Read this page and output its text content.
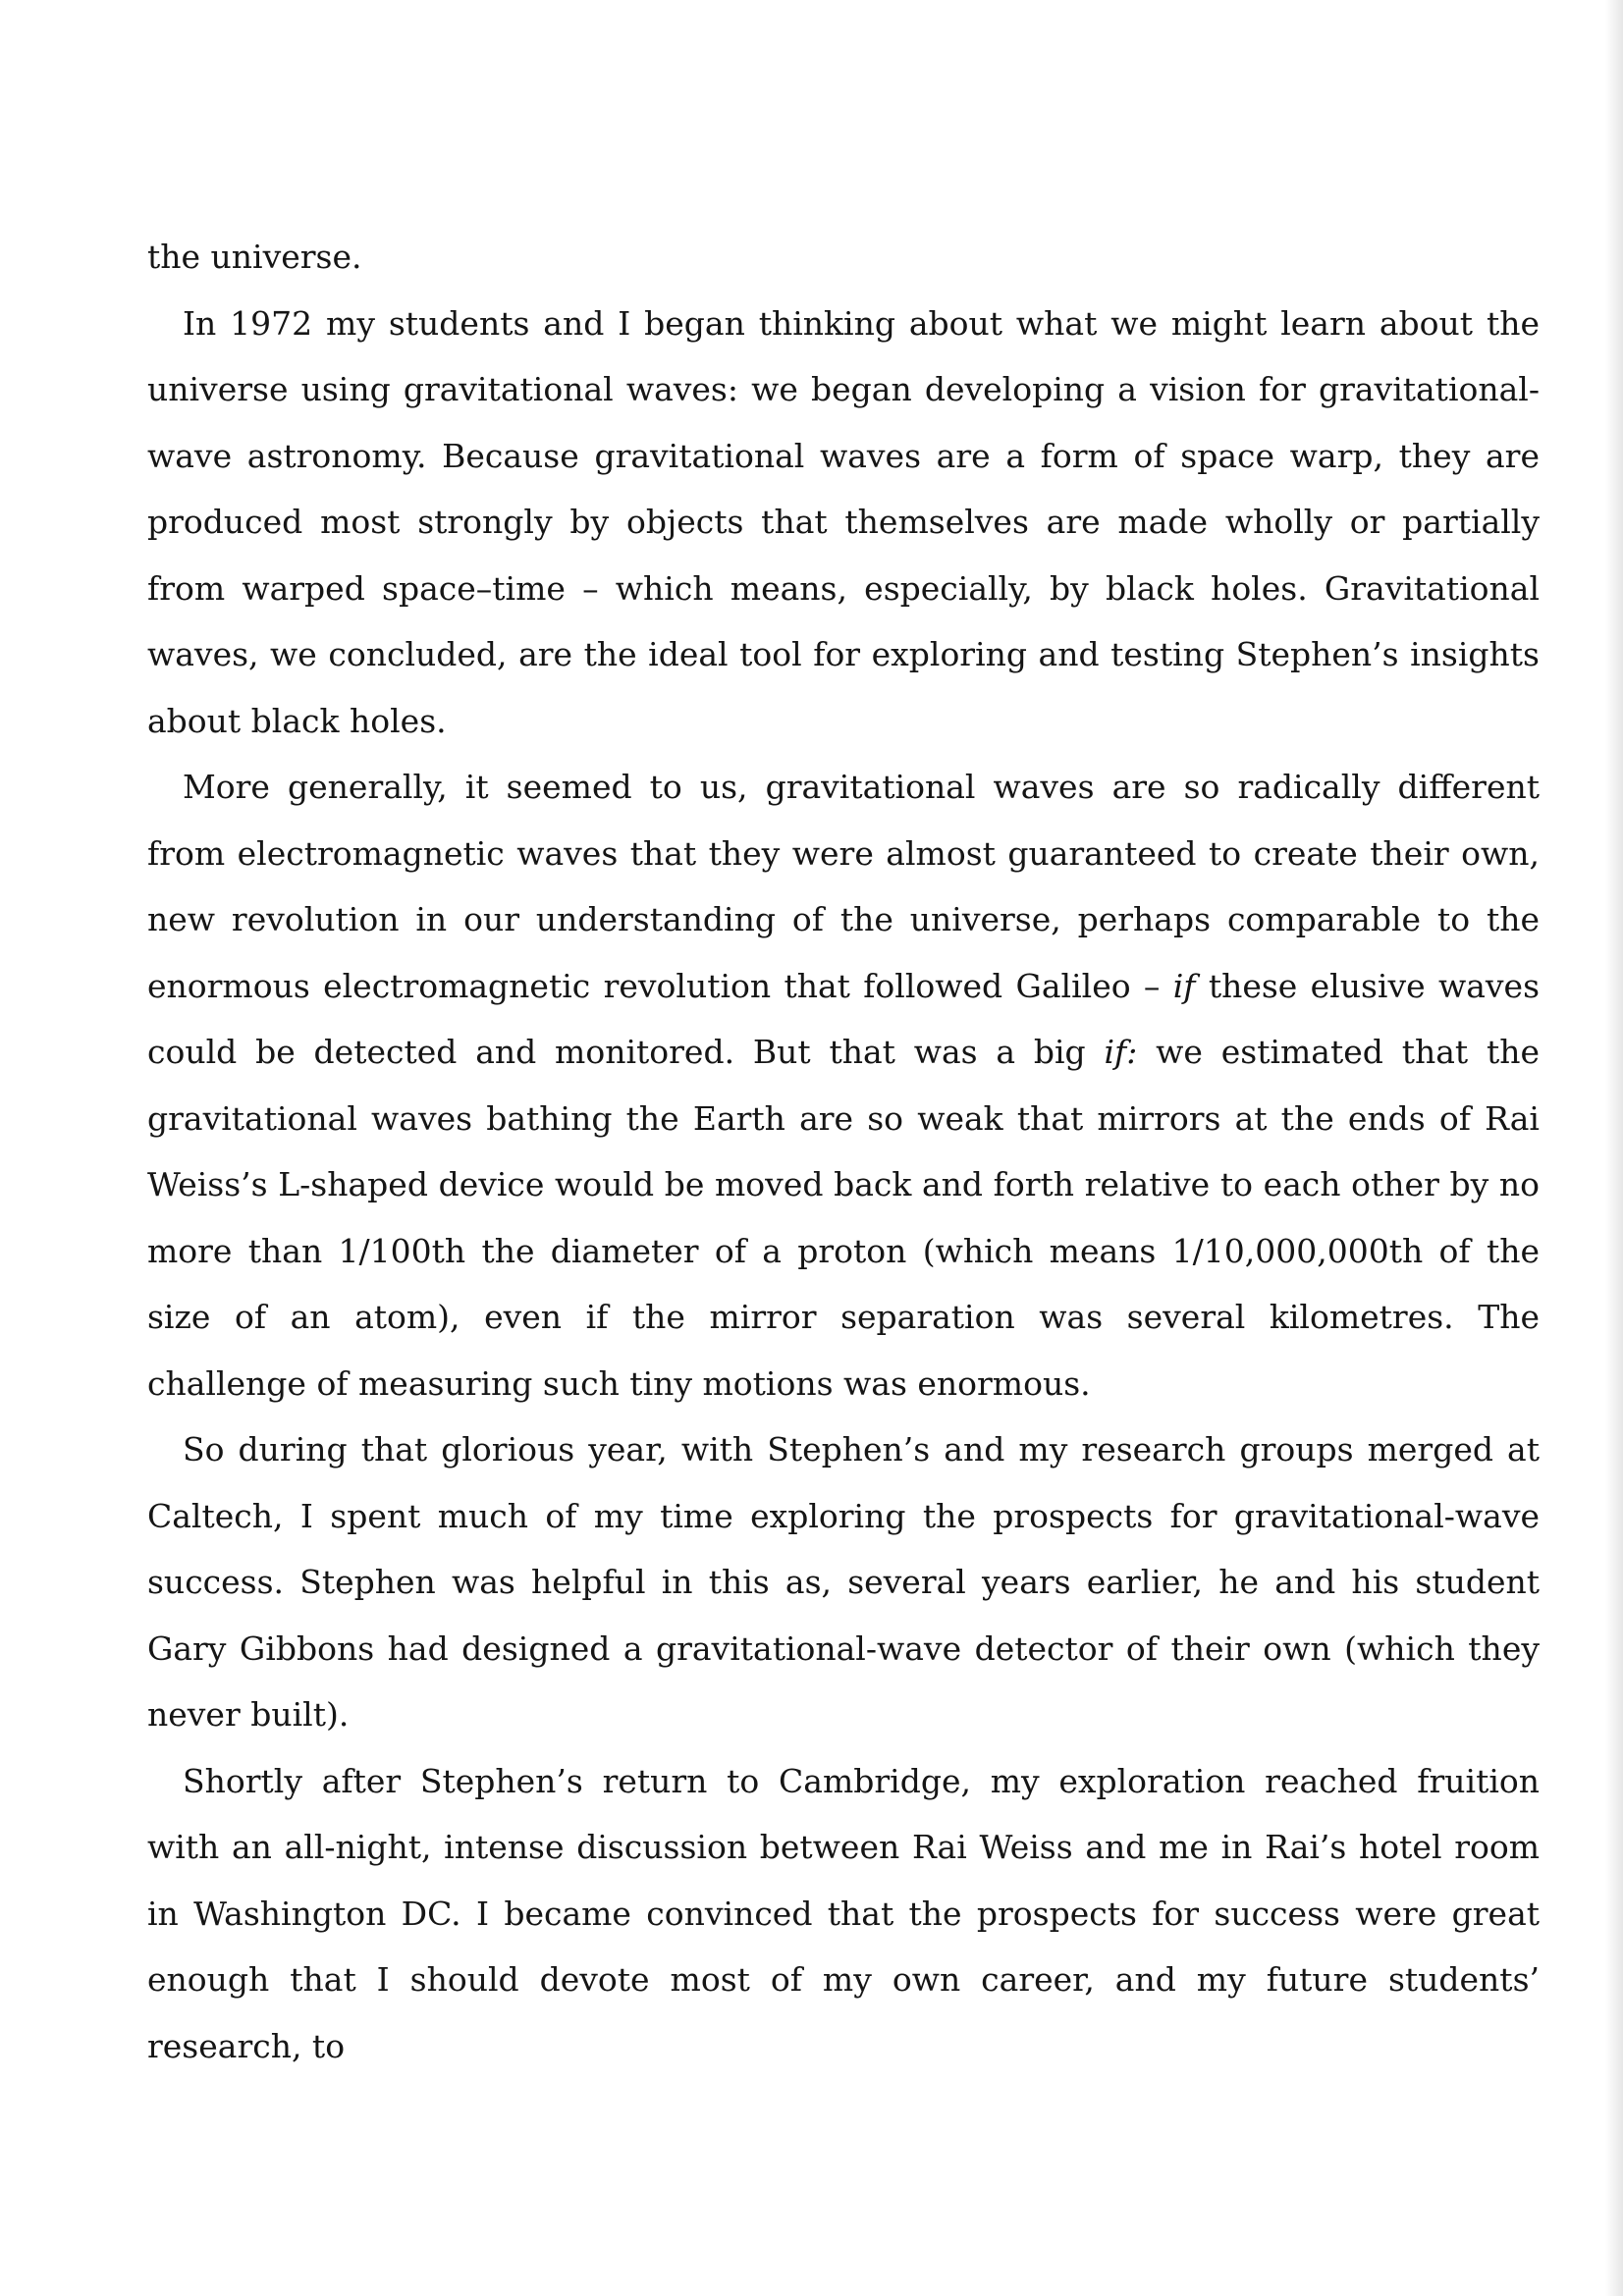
the universe.

In 1972 my students and I began thinking about what we might learn about the universe using gravitational waves: we began developing a vision for gravitational-wave astronomy. Because gravitational waves are a form of space warp, they are produced most strongly by objects that themselves are made wholly or partially from warped space–time – which means, especially, by black holes. Gravitational waves, we concluded, are the ideal tool for exploring and testing Stephen’s insights about black holes.

More generally, it seemed to us, gravitational waves are so radically different from electromagnetic waves that they were almost guaranteed to create their own, new revolution in our understanding of the universe, perhaps comparable to the enormous electromagnetic revolution that followed Galileo – if these elusive waves could be detected and monitored. But that was a big if: we estimated that the gravitational waves bathing the Earth are so weak that mirrors at the ends of Rai Weiss’s L-shaped device would be moved back and forth relative to each other by no more than 1/100th the diameter of a proton (which means 1/10,000,000th of the size of an atom), even if the mirror separation was several kilometres. The challenge of measuring such tiny motions was enormous.

So during that glorious year, with Stephen’s and my research groups merged at Caltech, I spent much of my time exploring the prospects for gravitational-wave success. Stephen was helpful in this as, several years earlier, he and his student Gary Gibbons had designed a gravitational-wave detector of their own (which they never built).

Shortly after Stephen’s return to Cambridge, my exploration reached fruition with an all-night, intense discussion between Rai Weiss and me in Rai’s hotel room in Washington DC. I became convinced that the prospects for success were great enough that I should devote most of my own career, and my future students’ research, to
